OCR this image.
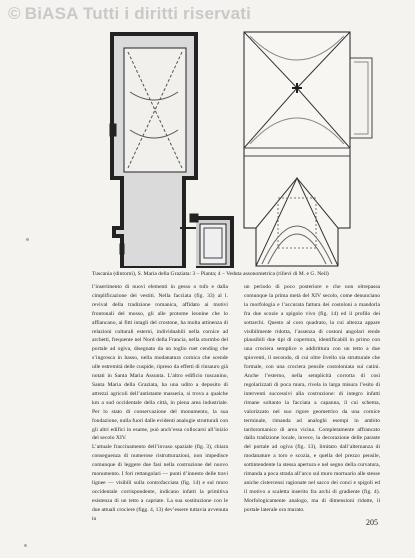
© BiASA Tutti i diritti riservati
Tuscania (dintorni), S. Maria della Graziata: 3 – Pianta; 4 – Veduta assonometrica (rilievi di M. e G. Neil)

l’inserimento di nuovi elementi in gesso o tufo e dalla cimplificazione dei vestiti. Nella facciata (fig. 33) al l. revival della tradizione romanica, affidato ai motivi frontonali del mosso, gli alle protome leonine che lo affiancano, ai fitti intagli del crostone, ha molta attinenza di relazioni culturali esterni, individuabili nella cornice ad archetti, frequente nel Nord della Francia, nella stormbo del portale ad ogiva, disegnato da un toglio ruet cending che s’ingrosca in basso, nella modanatura cornica che scende ulle estremità delle cuspide, ripreso da effetti di rinsauro già notati in Santa Maria Assunta. L’altro edificio tuscanino, Santa Maria della Graziata, ha una udito a deposito di attrezzi agricoli dell’antistante masseria, si trova a qualche km a sud occidentale della città, in piena area industriale. Per lo stato di conservazione del monumento, la sua fondazione, nulla fuori dalle evidenti analogie strutturali con gli altri edifici in esame, può anch’essa collocarsi all’inizio del secolo XIV.

L’attuale fraccinamento dell’invaso spaziale (fig. 3), chiara conseguenza di numerose ristrutturazioni, non impedisce comunque di leggere due fasi nella costruzione del nuovo monumento. I fori rettangolari — punti d’innesto delle travi lignee — visibili sulla controfacciata (fig. 14) e sul muro occidentale corrispondente, indicano infatti la primitiva esistenza di un tetto a capriate. La sua sostituzione con le due attuali crociere (figg. 4, 13) dev’essere tuttavia avvenuta in

un periodo di poco posteriore e che non oltrepassa comunque la prima metà del XIV secolo, come denunciano la morfologia e l’accurata fattura dei costoloni a mandorla fra due scozie a spigolo vivo (fig. 14) ed il profilo dei sottarchi. Questo al coro quadrato, la cui altezza appare visibilmente ridotta, l’assenza di costoni angolari rende plausibili due tipi di copertura, identificabili in primo con una crociera semplice o addirittura con un tetto a due spioventi, il secondo, di cui oltre livello sia strutturale che formale, con una crociera pensile costoloniata sui catini. Anche l’esterno, nella semplicità corrotta di così regolarizzati di poca mura, rivela in larga misura l’esito di interventi successivi alla costruzione: di integro infatti rimane soltanto la facciata a capanna, il cui schema, valorizzato nel suo rigore geometrico da una cornice terminale, rimanda ad analoghi esempi in ambito tardoromanico di area vicina. Completamente affrancato dalla tradizione locale, invece, la decorazione delle paraste del portale ad ogiva (fig. 13), limitato dall’alternanza di modanature a toro e scozia, e quella del prezzo pensile, sottintendente la stessa apertura e nel segno della curvatura, rimanda a poca strada all’arco sul muro mortuario alle stesse aniche cistercensi ragionate nel sacco dei conci e spigoli ed il motivo a scaletta inserito fra archi di gradiente (fig. 4). Morfologicamente analogo, ma di dimensioni ridotte, il portale laterale ora murato.

205
